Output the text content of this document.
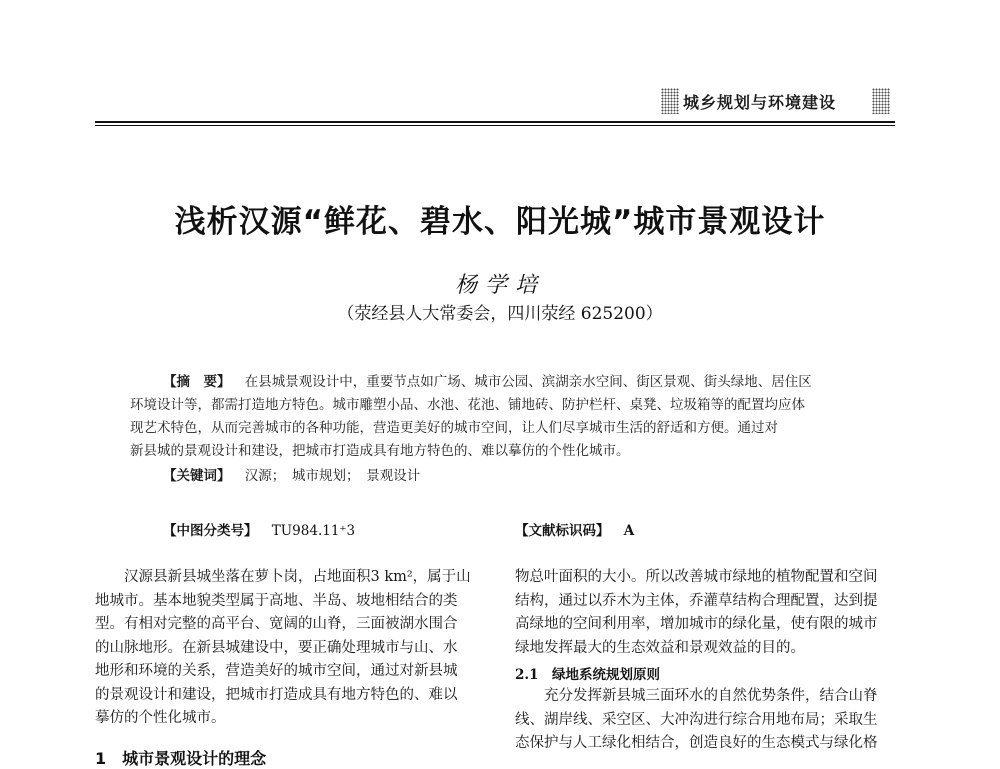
城乡规划与环境建设
浅析汉源“鲜花、碧水、阳光城”城市景观设计
杨学培
（荥经县人大常委会，四川荥经 625200）
【摘　要】 在县城景观设计中，重要节点如广场、城市公园、滨湖亲水空间、街区景观、街头绿地、居住区
环境设计等，都需打造地方特色。城市雕塑小品、水池、花池、铺地砖、防护栏杆、桌凳、垃圾箱等的配置均应体
现艺术特色，从而完善城市的各种功能，营造更美好的城市空间，让人们尽享城市生活的舒适和方便。通过对
新县城的景观设计和建设，把城市打造成具有地方特色的、难以摹仿的个性化城市。
【关键词】 汉源；　城市规划；　景观设计
【中图分类号】 TU984.11⁺3	【文献标识码】 A
　　汉源县新县城坐落在萝卜岗，占地面积3 km²，属于山
地城市。基本地貌类型属于高地、半岛、坡地相结合的类
型。有相对完整的高平台、宽阔的山脊，三面被湖水围合
的山脉地形。在新县城建设中，要正确处理城市与山、水
地形和环境的关系，营造美好的城市空间，通过对新县城
的景观设计和建设，把城市打造成具有地方特色的、难以
摹仿的个性化城市。
1　城市景观设计的理念
物总叶面积的大小。所以改善城市绿地的植物配置和空间
结构，通过以乔木为主体，乔灌草结构合理配置，达到提
高绿地的空间利用率，增加城市的绿化量，使有限的城市
绿地发挥最大的生态效益和景观效益的目的。
2.1　绿地系统规划原则
　　充分发挥新县城三面环水的自然优势条件，结合山脊
线、湖岸线、采空区、大冲沟进行综合用地布局；采取生
态保护与人工绿化相结合，创造良好的生态模式与绿化格
